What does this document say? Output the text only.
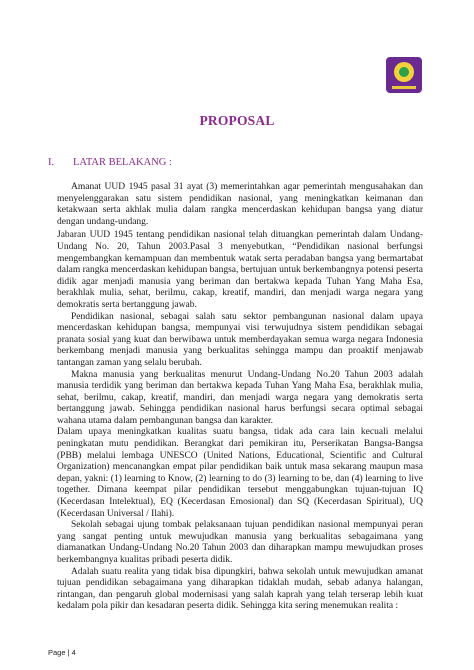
PROPOSAL
I. LATAR BELAKANG :

Amanat UUD 1945 pasal 31 ayat (3) memerintahkan agar pemerintah mengusahakan dan menyelenggarakan satu sistem pendidikan nasional, yang meningkatkan keimanan dan ketakwaan serta akhlak mulia dalam rangka mencerdaskan kehidupan bangsa yang diatur dengan undang-undang.

Jabaran UUD 1945 tentang pendidikan nasional telah dituangkan pemerintah dalam Undang-Undang No. 20, Tahun 2003.Pasal 3 menyebutkan, “Pendidikan nasional berfungsi mengembangkan kemampuan dan membentuk watak serta peradaban bangsa yang bermartabat dalam rangka mencerdaskan kehidupan bangsa, bertujuan untuk berkembangnya potensi peserta didik agar menjadi manusia yang beriman dan bertakwa kepada Tuhan Yang Maha Esa, berakhlak mulia, sehat, berilmu, cakap, kreatif, mandiri, dan menjadi warga negara yang demokratis serta bertanggung jawab.

Pendidikan nasional, sebagai salah satu sektor pembangunan nasional dalam upaya mencerdaskan kehidupan bangsa, mempunyai visi terwujudnya sistem pendidikan sebagai pranata sosial yang kuat dan berwibawa untuk memberdayakan semua warga negara Indonesia berkembang menjadi manusia yang berkualitas sehingga mampu dan proaktif menjawab tantangan zaman yang selalu berubah.

Makna manusia yang berkualitas menurut Undang-Undang No.20 Tahun 2003 adalah manusia terdidik yang beriman dan bertakwa kepada Tuhan Yang Maha Esa, berakhlak mulia, sehat, berilmu, cakap, kreatif, mandiri, dan menjadi warga negara yang demokratis serta bertanggung jawab. Sehingga pendidikan nasional harus berfungsi secara optimal sebagai wahana utama dalam pembangunan bangsa dan karakter.

Dalam upaya meningkatkan kualitas suatu bangsa, tidak ada cara lain kecuali melalui peningkatan mutu pendidikan. Berangkat dari pemikiran itu, Perserikatan Bangsa-Bangsa (PBB) melalui lembaga UNESCO (United Nations, Educational, Scientific and Cultural Organization) mencanangkan empat pilar pendidikan baik untuk masa sekarang maupun masa depan, yakni: (1) learning to Know, (2) learning to do (3) learning to be, dan (4) learning to live together. Dimana keempat pilar pendidikan tersebut menggabungkan tujuan-tujuan IQ (Kecerdasan Intelektual), EQ (Kecerdasan Emosional) dan SQ (Kecerdasan Spiritual), UQ (Kecerdasan Universal / Ilahi).

Sekolah sebagai ujung tombak pelaksanaan tujuan pendidikan nasional mempunyai peran yang sangat penting untuk mewujudkan manusia yang berkualitas sebagaimana yang diamanatkan Undang-Undang No.20 Tahun 2003 dan diharapkan mampu mewujudkan proses berkembangnya kualitas pribadi peserta didik.

Adalah suatu realita yang tidak bisa dipungkiri, bahwa sekolah untuk mewujudkan amanat tujuan pendidikan sebagaimana yang diharapkan tidaklah mudah, sebab adanya halangan, rintangan, dan pengaruh global modernisasi yang salah kaprah yang telah terserap lebih kuat kedalam pola pikir dan kesadaran peserta didik. Sehingga kita sering menemukan realita :

Page | 4
